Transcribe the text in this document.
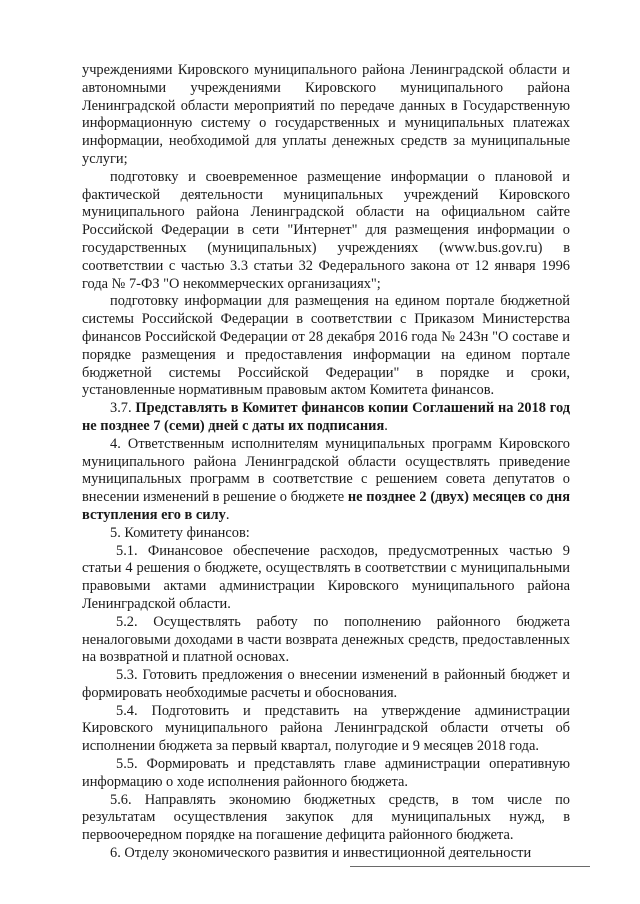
учреждениями Кировского муниципального района Ленинградской области и автономными учреждениями Кировского муниципального района Ленинградской области мероприятий по передаче данных в Государственную информационную систему о государственных и муниципальных платежах информации, необходимой для уплаты денежных средств за муниципальные услуги;

подготовку и своевременное размещение информации о плановой и фактической деятельности муниципальных учреждений Кировского муниципального района Ленинградской области на официальном сайте Российской Федерации в сети "Интернет" для размещения информации о государственных (муниципальных) учреждениях (www.bus.gov.ru) в соответствии с частью 3.3 статьи 32 Федерального закона от 12 января 1996 года № 7-ФЗ "О некоммерческих организациях";

подготовку информации для размещения на едином портале бюджетной системы Российской Федерации в соответствии с Приказом Министерства финансов Российской Федерации от 28 декабря 2016 года № 243н "О составе и порядке размещения и предоставления информации на едином портале бюджетной системы Российской Федерации" в порядке и сроки, установленные нормативным правовым актом Комитета финансов.

3.7. Представлять в Комитет финансов копии Соглашений на 2018 год не позднее 7 (семи) дней с даты их подписания.

4. Ответственным исполнителям муниципальных программ Кировского муниципального района Ленинградской области осуществлять приведение муниципальных программ в соответствие с решением совета депутатов о внесении изменений в решение о бюджете не позднее 2 (двух) месяцев со дня вступления его в силу.

5. Комитету финансов:

5.1. Финансовое обеспечение расходов, предусмотренных частью 9 статьи 4 решения о бюджете, осуществлять в соответствии с муниципальными правовыми актами администрации Кировского муниципального района Ленинградской области.

5.2. Осуществлять работу по пополнению районного бюджета неналоговыми доходами в части возврата денежных средств, предоставленных на возвратной и платной основах.

5.3. Готовить предложения о внесении изменений в районный бюджет и формировать необходимые расчеты и обоснования.

5.4. Подготовить и представить на утверждение администрации Кировского муниципального района Ленинградской области отчеты об исполнении бюджета за первый квартал, полугодие и 9 месяцев 2018 года.

5.5. Формировать и представлять главе администрации оперативную информацию о ходе исполнения районного бюджета.

5.6. Направлять экономию бюджетных средств, в том числе по результатам осуществления закупок для муниципальных нужд, в первоочередном порядке на погашение дефицита районного бюджета.

6. Отделу экономического развития и инвестиционной деятельности
